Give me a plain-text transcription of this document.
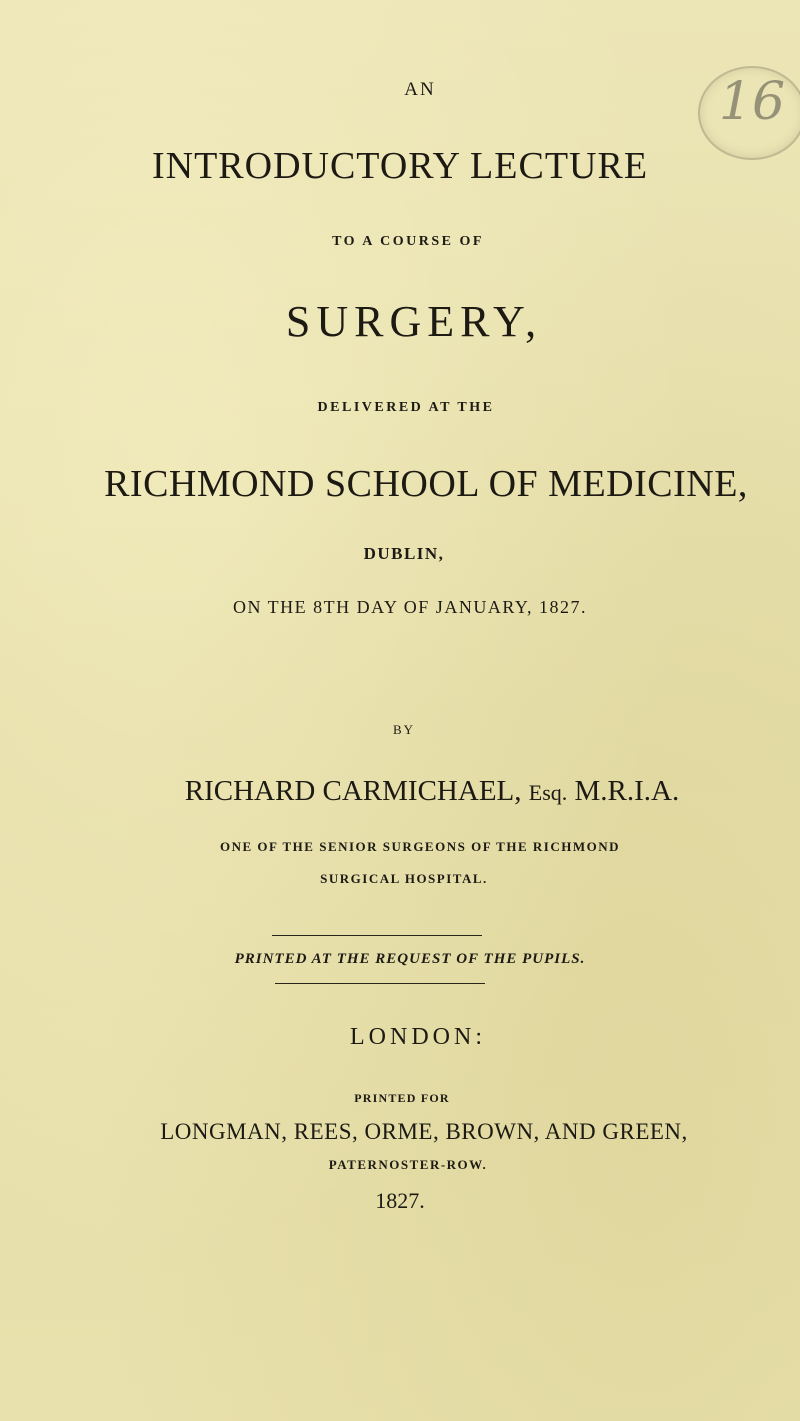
16
AN
INTRODUCTORY LECTURE
TO A COURSE OF
SURGERY,
DELIVERED AT THE
RICHMOND SCHOOL OF MEDICINE,
DUBLIN,
ON THE 8TH DAY OF JANUARY, 1827.
BY
RICHARD CARMICHAEL, Esq. M.R.I.A.
ONE OF THE SENIOR SURGEONS OF THE RICHMOND
SURGICAL HOSPITAL.
PRINTED AT THE REQUEST OF THE PUPILS.
LONDON:
PRINTED FOR
LONGMAN, REES, ORME, BROWN, AND GREEN,
PATERNOSTER-ROW.
1827.
